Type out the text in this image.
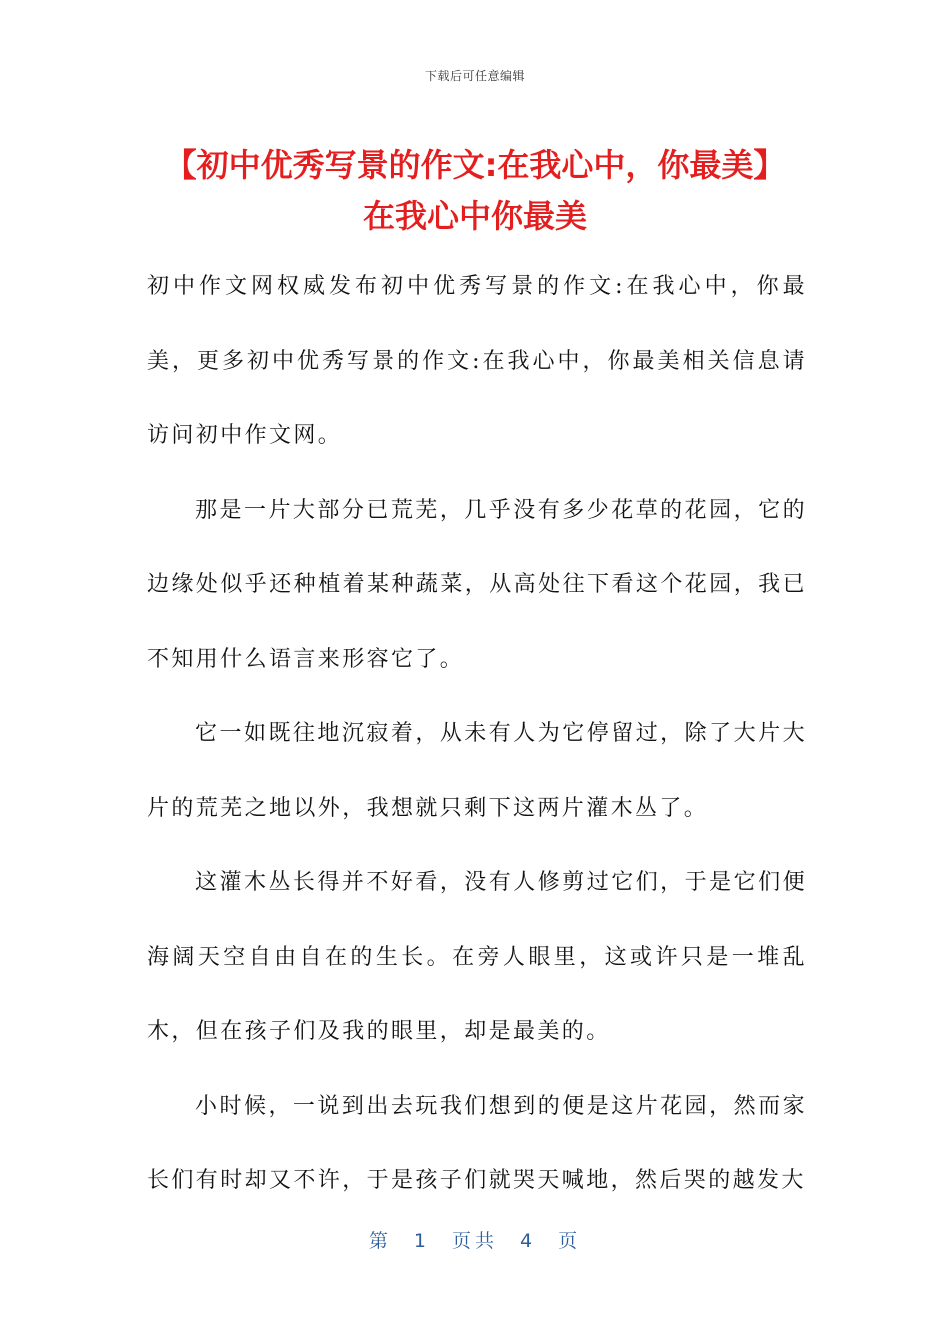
下载后可任意编辑
【初中优秀写景的作文:在我心中，你最美】
在我心中你最美

初中作文网权威发布初中优秀写景的作文:在我心中，你最美，更多初中优秀写景的作文:在我心中，你最美相关信息请访问初中作文网。

那是一片大部分已荒芜，几乎没有多少花草的花园，它的边缘处似乎还种植着某种蔬菜，从高处往下看这个花园，我已不知用什么语言来形容它了。

它一如既往地沉寂着，从未有人为它停留过，除了大片大片的荒芜之地以外，我想就只剩下这两片灌木丛了。

这灌木丛长得并不好看，没有人修剪过它们，于是它们便海阔天空自由自在的生长。在旁人眼里，这或许只是一堆乱木，但在孩子们及我的眼里，却是最美的。

小时候，一说到出去玩我们想到的便是这片花园，然而家长们有时却又不许，于是孩子们就哭天喊地，然后哭的越发大

第 1 页共 4 页
